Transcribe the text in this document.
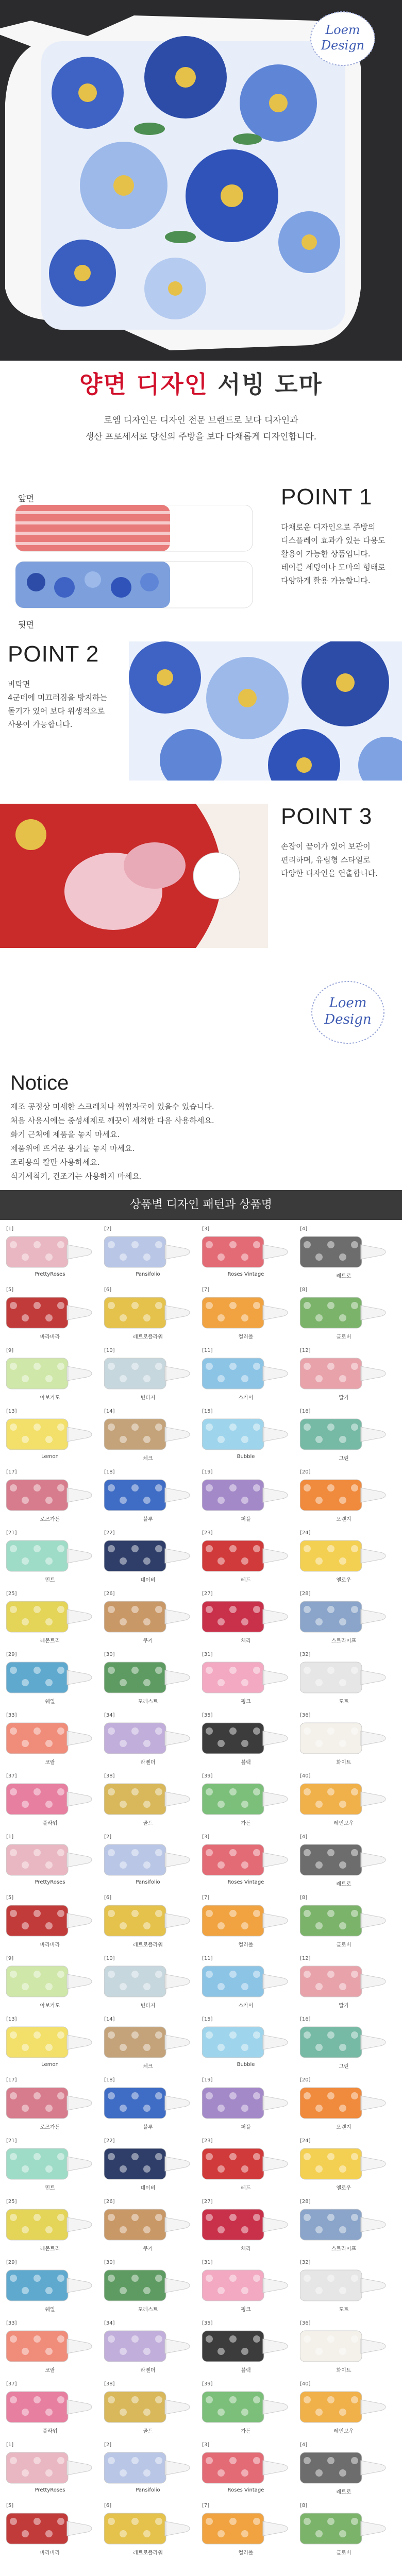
Loem
Design
양면 디자인 서빙 도마
로엠 디자인은 디자인 전문 브랜드로 보다 디자인과
생산 프로세서로 당신의 주방을 보다 다채롭게 디자인합니다.
앞면
뒷면
POINT 1
다채로운 디자인으로 주방의
디스플레이 효과가 있는 다용도
활용이 가능한 상품입니다.
테이블 세팅이나 도마의 형태로
다양하게 활용 가능합니다.
POINT 2
비탁면
4군데에 미끄러짐을 방지하는
돌기가 있어 보다 위생적으로
사용이 가능합니다.
POINT 3
손잡이 끝이가 있어 보관이
편리하며, 유럽형 스타일로
다양한 디자인을 연출합니다.
Loem
Design
Notice
제조 공정상 미세한 스크레치나 찍힘자국이 있을수 있습니다.
처음 사용시에는 중성세제로 깨끗이 세척한 다음 사용하세요.
화기 근처에 제품을 놓지 마세요.
제품위에 뜨거운 용기를 놓지 마세요.
조리용의 칼만 사용하세요.
식기세척기, 건조기는 사용하지 마세요.
상품별 디자인 패턴과 상품명
[1]
PrettyRoses
[2]
Pansifolio
[3]
Roses Vintage
[4]
레트로
[5]
바라바라
[6]
레트로플라워
[7]
컬러풀
[8]
클로버
[9]
아보카도
[10]
빈티지
[11]
스카이
[12]
딸기
[13]
Lemon
[14]
체크
[15]
Bubble
[16]
그린
[17]
로즈가든
[18]
블루
[19]
퍼플
[20]
오렌지
[21]
민트
[22]
네이비
[23]
레드
[24]
옐로우
[25]
레몬트리
[26]
쿠키
[27]
체리
[28]
스트라이프
[29]
웨일
[30]
포레스트
[31]
핑크
[32]
도트
[33]
코랄
[34]
라벤더
[35]
블랙
[36]
화이트
[37]
플라워
[38]
골드
[39]
가든
[40]
레인보우
[1]
PrettyRoses
[2]
Pansifolio
[3]
Roses Vintage
[4]
레트로
[5]
바라바라
[6]
레트로플라워
[7]
컬러풀
[8]
클로버
[9]
아보카도
[10]
빈티지
[11]
스카이
[12]
딸기
[13]
Lemon
[14]
체크
[15]
Bubble
[16]
그린
[17]
로즈가든
[18]
블루
[19]
퍼플
[20]
오렌지
[21]
민트
[22]
네이비
[23]
레드
[24]
옐로우
[25]
레몬트리
[26]
쿠키
[27]
체리
[28]
스트라이프
[29]
웨일
[30]
포레스트
[31]
핑크
[32]
도트
[33]
코랄
[34]
라벤더
[35]
블랙
[36]
화이트
[37]
플라워
[38]
골드
[39]
가든
[40]
레인보우
[1]
PrettyRoses
[2]
Pansifolio
[3]
Roses Vintage
[4]
레트로
[5]
바라바라
[6]
레트로플라워
[7]
컬러풀
[8]
클로버
